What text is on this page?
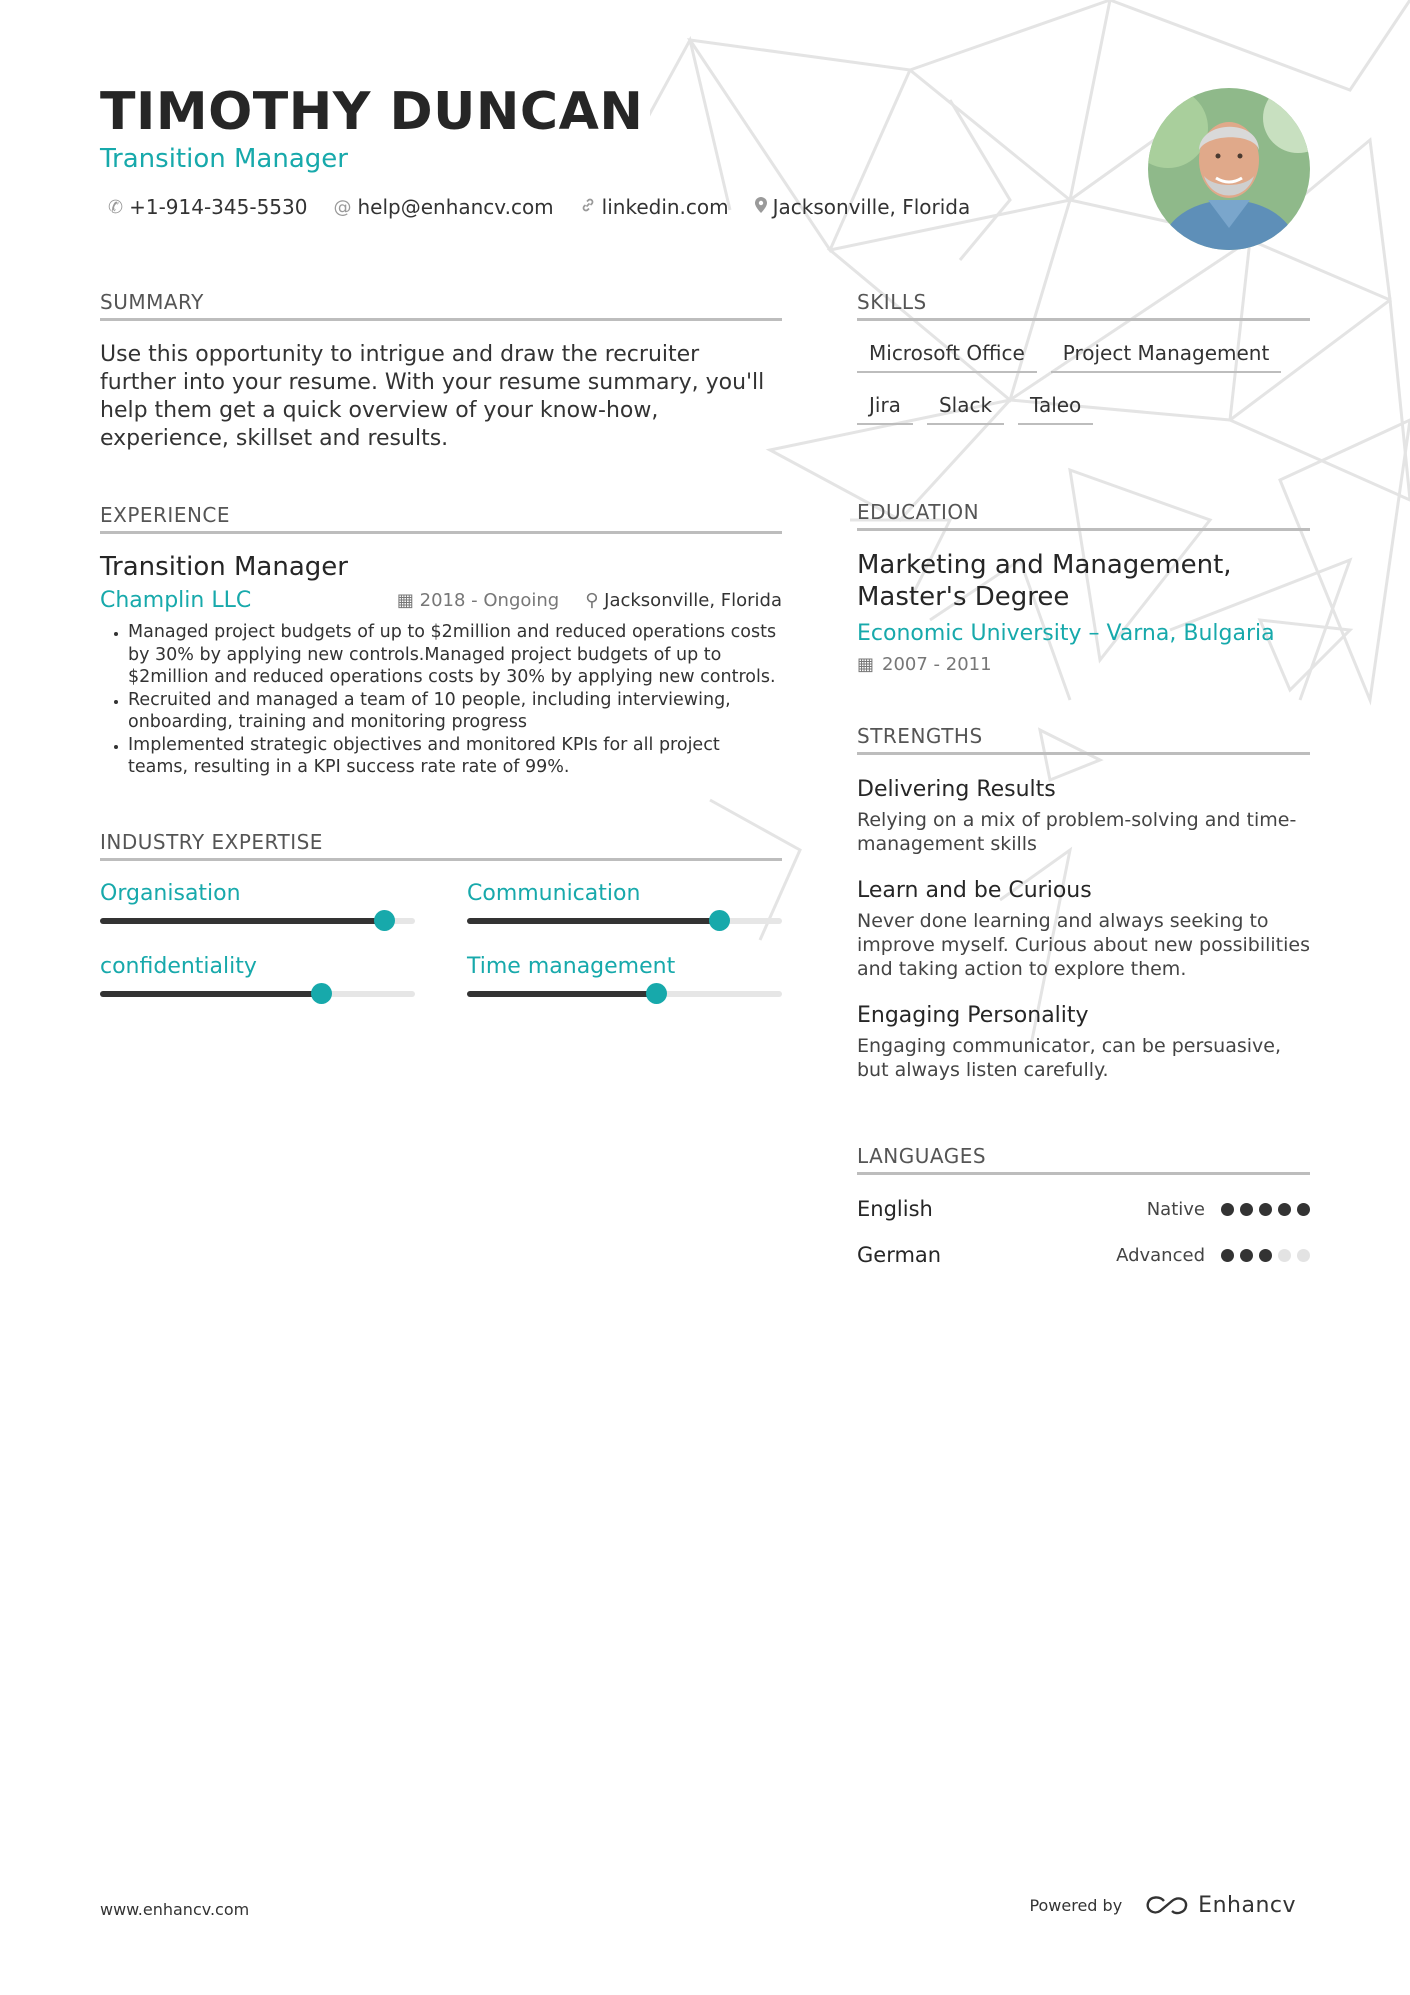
TIMOTHY DUNCAN
Transition Manager
✆ +1-914-345-5530 @ help@enhancv.com linkedin.com Jacksonville, Florida
SUMMARY
Use this opportunity to intrigue and draw the recruiter further into your resume. With your resume summary, you'll help them get a quick overview of your know-how, experience, skillset and results.
EXPERIENCE
Transition Manager
Champlin LLC	▦ 2018 - Ongoing ⚲ Jacksonville, Florida
• Managed project budgets of up to $2million and reduced operations costs by 30% by applying new controls.Managed project budgets of up to $2million and reduced operations costs by 30% by applying new controls.
• Recruited and managed a team of 10 people, including interviewing, onboarding, training and monitoring progress
• Implemented strategic objectives and monitored KPIs for all project teams, resulting in a KPI success rate rate of 99%.
INDUSTRY EXPERTISE
Organisation	Communication
confidentiality	Time management
SKILLS
Microsoft Office	Project Management
Jira	Slack	Taleo
EDUCATION
Marketing and Management, Master's Degree
Economic University – Varna, Bulgaria
▦ 2007 - 2011
STRENGTHS
Delivering Results
Relying on a mix of problem-solving and time-management skills
Learn and be Curious
Never done learning and always seeking to improve myself. Curious about new possibilities and taking action to explore them.
Engaging Personality
Engaging communicator, can be persuasive, but always listen carefully.
LANGUAGES
English	Native
German	Advanced
www.enhancv.com	Powered by	Enhancv
